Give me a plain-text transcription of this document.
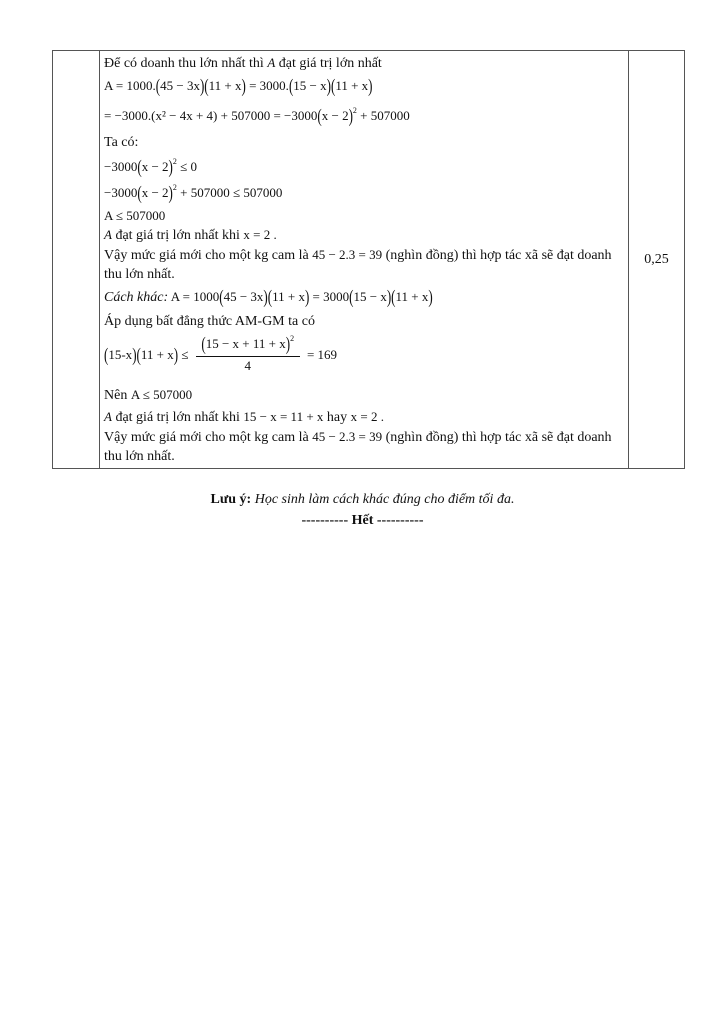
Để có doanh thu lớn nhất thì A đạt giá trị lớn nhất
A = 1000.(45 − 3x)(11 + x) = 3000.(15 − x)(11 + x)
= $-3000.(x^2 - 4x + 4) + 507000 = -3000(x - 2)^2 + 507000$
Ta có:
$-3000(x - 2)^2 \le 0$
$-3000(x - 2)^2 + 507000 \le 507000$
A ≤ 507000
A đạt giá trị lớn nhất khi x = 2 .
Vậy mức giá mới cho một kg cam là 45 − 2.3 = 39 (nghìn đồng) thì hợp tác xã sẽ đạt doanh thu lớn nhất.
Cách khác: A = 1000(45 − 3x)(11 + x) = 3000(15 − x)(11 + x)
Áp dụng bất đẳng thức AM-GM ta có
$(15-x)(11 + x) \le \frac{(15 - x + 11 + x)^2}{4} = 169$
Nên A ≤ 507000
A đạt giá trị lớn nhất khi 15 − x = 11 + x hay x = 2 .
Vậy mức giá mới cho một kg cam là 45 − 2.3 = 39 (nghìn đồng) thì hợp tác xã sẽ đạt doanh thu lớn nhất.
	0,25
Lưu ý: Học sinh làm cách khác đúng cho điểm tối đa.
---------- Hết ----------
